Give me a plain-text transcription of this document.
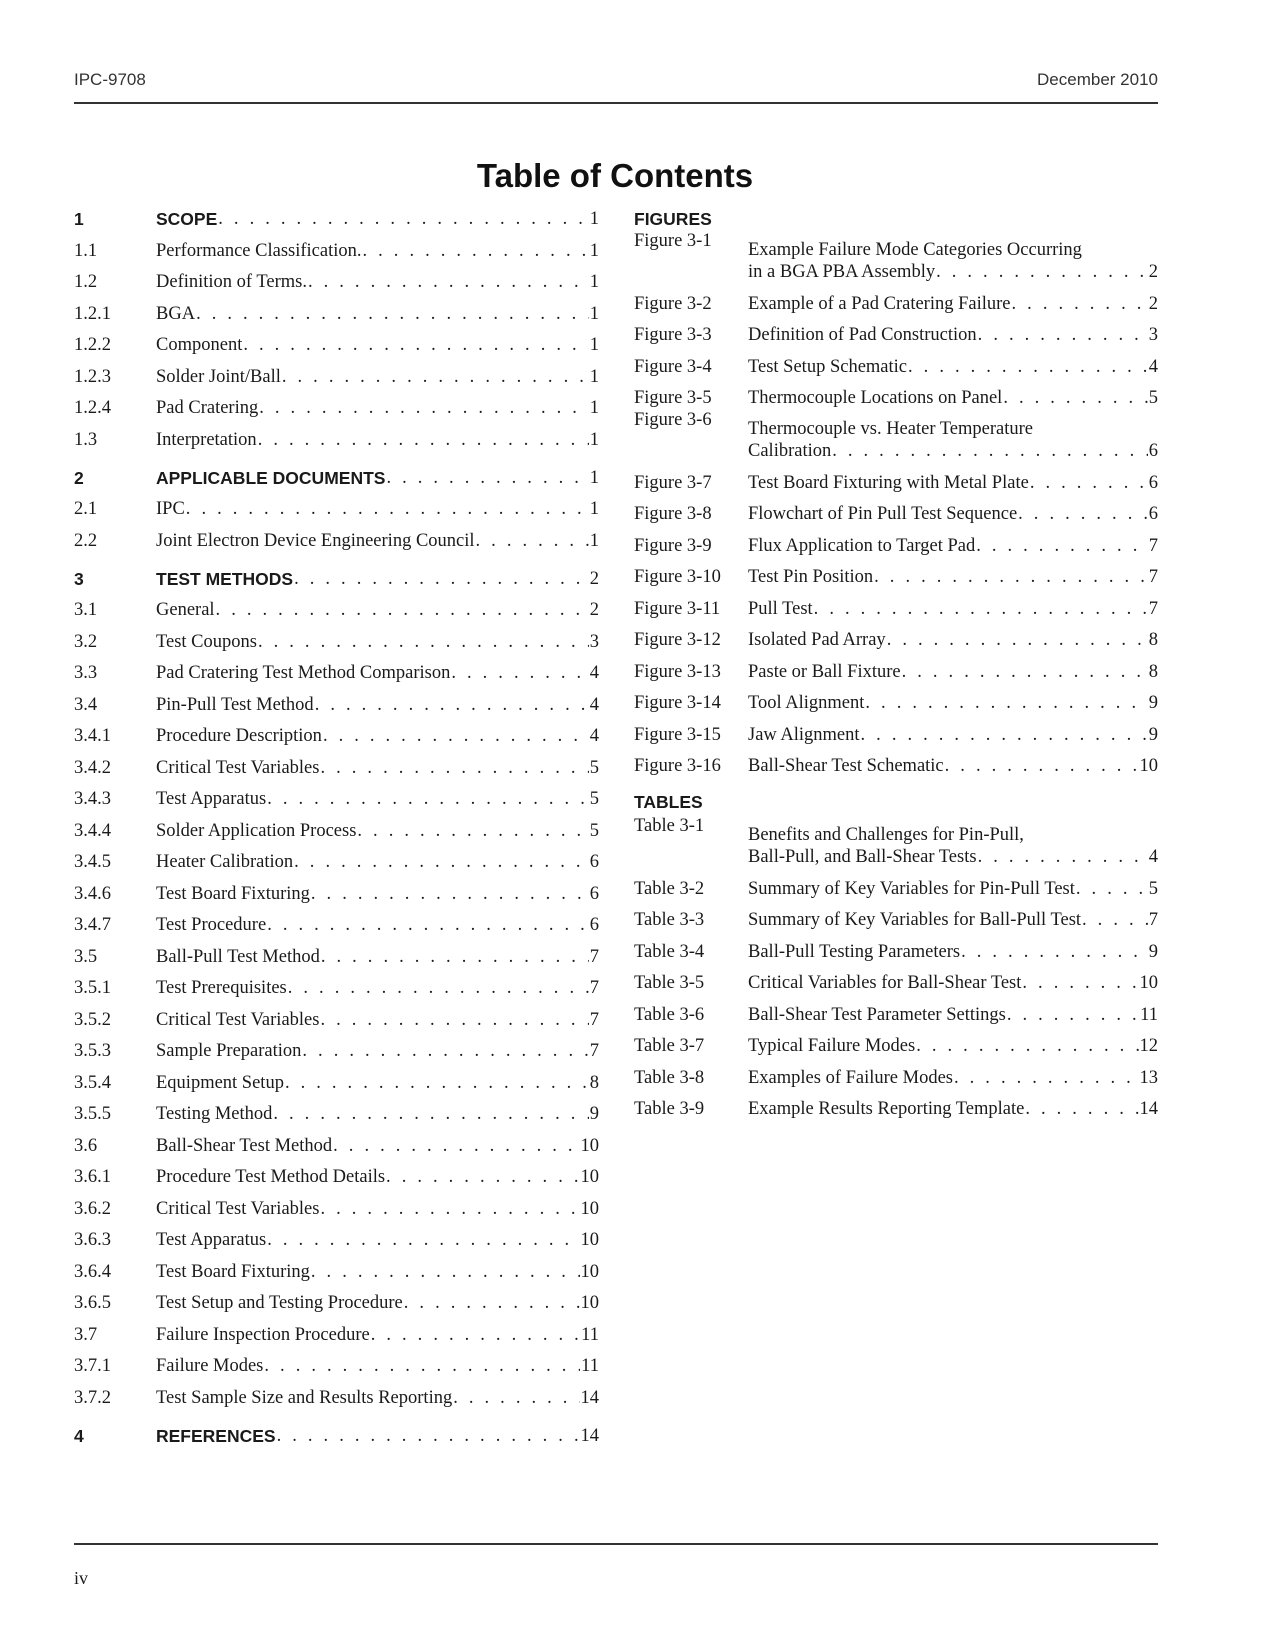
IPC-9708	December 2010
Table of Contents
1	SCOPE . . .	1
1.1	Performance Classification. . . .	1
1.2	Definition of Terms. . . .	1
1.2.1	BGA . . .	1
1.2.2	Component . . .	1
1.2.3	Solder Joint/Ball . . .	1
1.2.4	Pad Cratering . . .	1
1.3	Interpretation . . .	1
2	APPLICABLE DOCUMENTS . . .	1
2.1	IPC . . .	1
2.2	Joint Electron Device Engineering Council . . .	1
3	TEST METHODS . . .	2
3.1	General . . .	2
3.2	Test Coupons . . .	3
3.3	Pad Cratering Test Method Comparison . . .	4
3.4	Pin-Pull Test Method . . .	4
3.4.1	Procedure Description . . .	4
3.4.2	Critical Test Variables . . .	5
3.4.3	Test Apparatus . . .	5
3.4.4	Solder Application Process . . .	5
3.4.5	Heater Calibration . . .	6
3.4.6	Test Board Fixturing . . .	6
3.4.7	Test Procedure . . .	6
3.5	Ball-Pull Test Method . . .	7
3.5.1	Test Prerequisites . . .	7
3.5.2	Critical Test Variables . . .	7
3.5.3	Sample Preparation . . .	7
3.5.4	Equipment Setup . . .	8
3.5.5	Testing Method . . .	9
3.6	Ball-Shear Test Method . . .	10
3.6.1	Procedure Test Method Details . . .	10
3.6.2	Critical Test Variables . . .	10
3.6.3	Test Apparatus . . .	10
3.6.4	Test Board Fixturing . . .	10
3.6.5	Test Setup and Testing Procedure . . .	10
3.7	Failure Inspection Procedure . . .	11
3.7.1	Failure Modes . . .	11
3.7.2	Test Sample Size and Results Reporting . . .	14
4	REFERENCES . . .	14
FIGURES
Figure 3-1	Example Failure Mode Categories Occurring
in a BGA PBA Assembly . . .	2
Figure 3-2	Example of a Pad Cratering Failure . . .	2
Figure 3-3	Definition of Pad Construction . . .	3
Figure 3-4	Test Setup Schematic . . .	4
Figure 3-5	Thermocouple Locations on Panel . . .	5
Figure 3-6	Thermocouple vs. Heater Temperature
Calibration . . .	6
Figure 3-7	Test Board Fixturing with Metal Plate . . .	6
Figure 3-8	Flowchart of Pin Pull Test Sequence . . .	6
Figure 3-9	Flux Application to Target Pad . . .	7
Figure 3-10	Test Pin Position . . .	7
Figure 3-11	Pull Test . . .	7
Figure 3-12	Isolated Pad Array . . .	8
Figure 3-13	Paste or Ball Fixture . . .	8
Figure 3-14	Tool Alignment . . .	9
Figure 3-15	Jaw Alignment . . .	9
Figure 3-16	Ball-Shear Test Schematic . . .	10
TABLES
Table 3-1	Benefits and Challenges for Pin-Pull,
Ball-Pull, and Ball-Shear Tests . . .	4
Table 3-2	Summary of Key Variables for Pin-Pull Test . . .	5
Table 3-3	Summary of Key Variables for Ball-Pull Test . . .	7
Table 3-4	Ball-Pull Testing Parameters . . .	9
Table 3-5	Critical Variables for Ball-Shear Test . . .	10
Table 3-6	Ball-Shear Test Parameter Settings . . .	11
Table 3-7	Typical Failure Modes . . .	12
Table 3-8	Examples of Failure Modes . . .	13
Table 3-9	Example Results Reporting Template . . .	14
iv
